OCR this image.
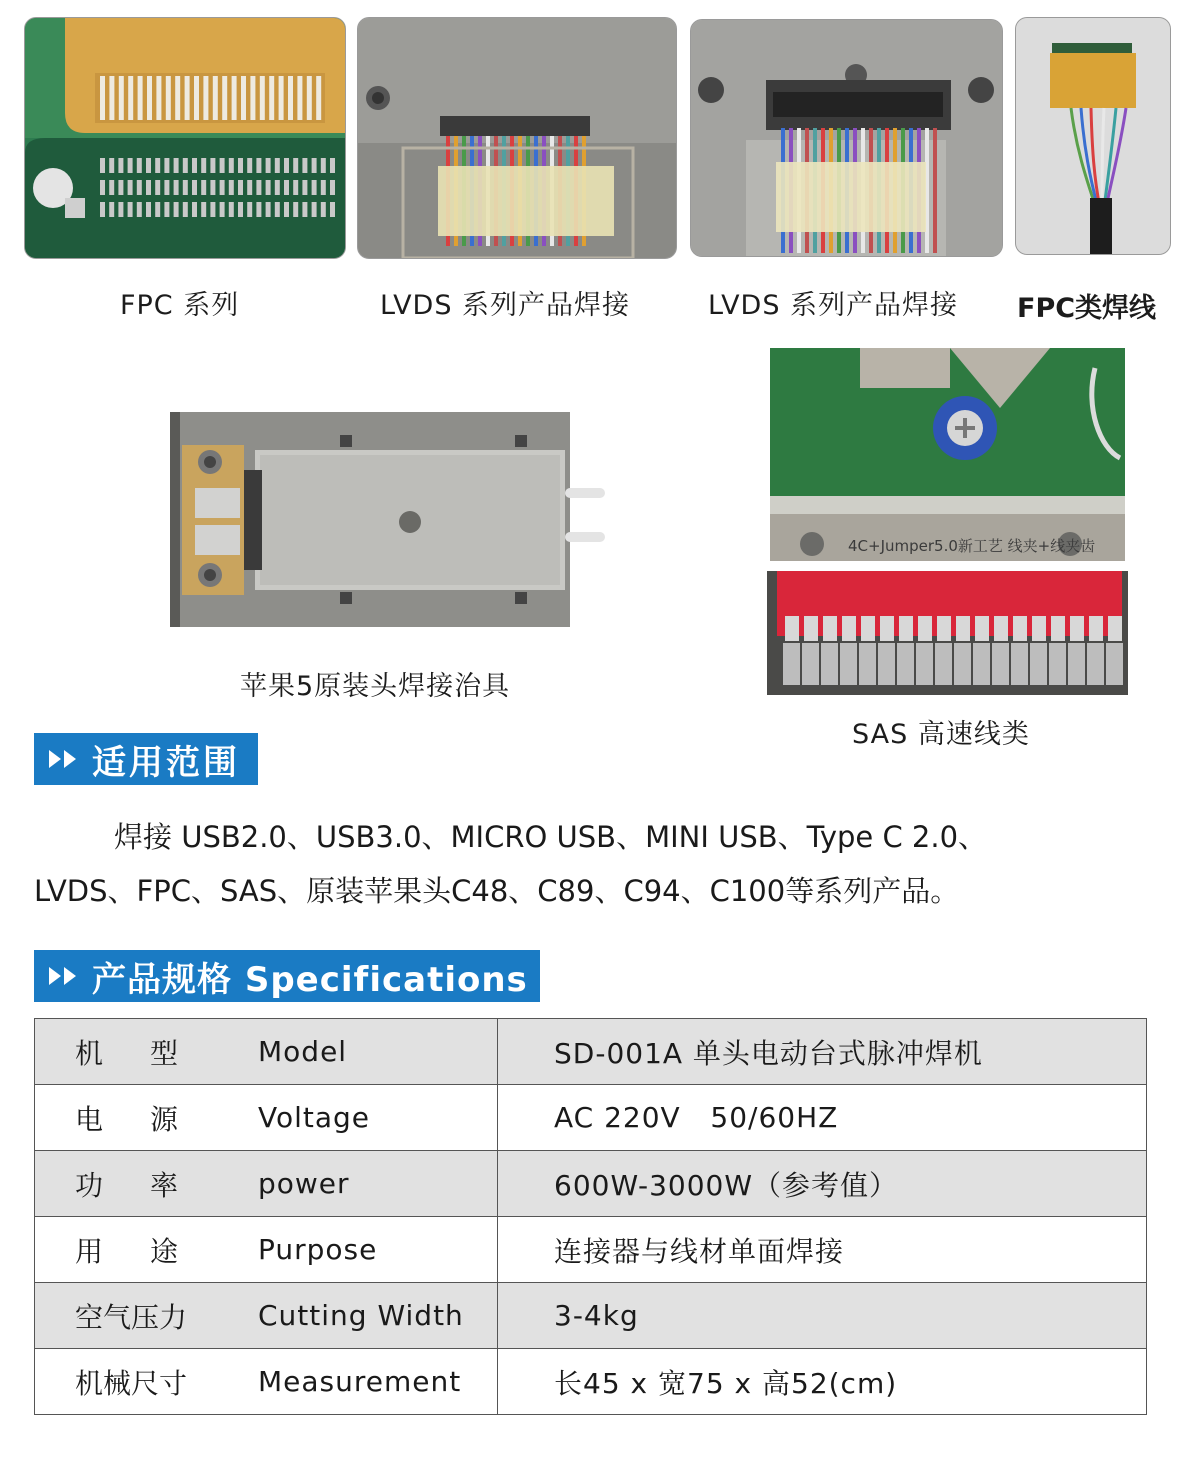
FPC 系列	LVDS 系列产品焊接	LVDS 系列产品焊接 FPC类焊线
苹果5原装头焊接治具
4C+Jumper5.0新工艺 线夹+线夹齿
SAS 高速线类
适用范围

焊接 USB2.0、USB3.0、MICRO USB、MINI USB、Type C 2.0、

LVDS、FPC、SAS、原装苹果头C48、C89、C94、C100等系列产品。

产品规格 Specifications
机 型 Model	SD-001A 单头电动台式脉冲焊机

电 源 Voltage	AC 220V   50/60HZ

功 率 power	600W-3000W（参考值）

用 途 Purpose	连接器与线材单面焊接

空气压力 Cutting Width	3-4kg

机械尺寸 Measurement	长45 x 宽75 x 高52(cm)
